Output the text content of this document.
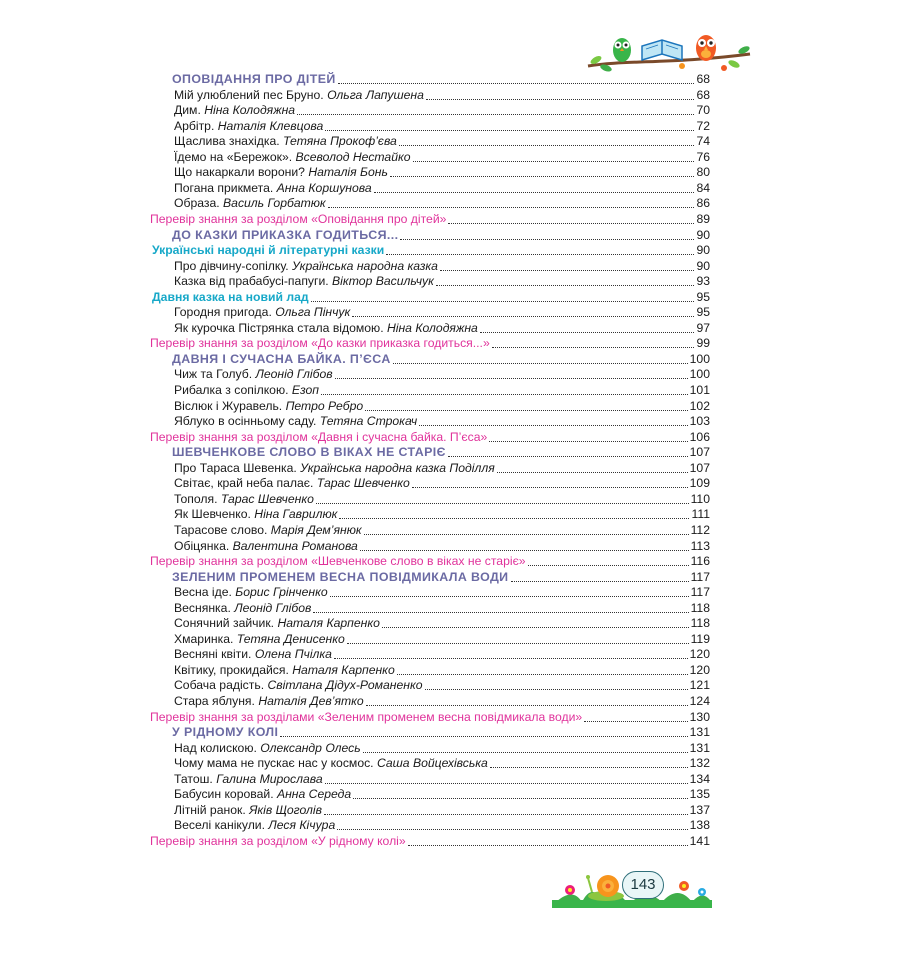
ОПОВІДАННЯ ПРО ДІТЕЙ	68
Мій улюблений пес Бруно. Ольга Лапушена	68
Дим. Ніна Колодяжна	70
Арбітр. Наталія Клевцова	72
Щаслива знахідка. Тетяна Прокоф’єва	74
Їдемо на «Бережок». Всеволод Нестайко	76
Що накаркали ворони? Наталія Бонь	80
Погана прикмета. Анна Коршунова	84
Образа. Василь Горбатюк	86
Перевір знання за розділом «Оповідання про дітей»	89
ДО КАЗКИ ПРИКАЗКА ГОДИТЬСЯ...	90
Українські народні й літературні казки	90
Про дівчину-сопілку. Українська народна казка	90
Казка від прабабусі-папуги. Віктор Васильчук	93
Давня казка на новий лад	95
Городня пригода. Ольга Пінчук	95
Як курочка Пістрянка стала відомою. Ніна Колодяжна	97
Перевір знання за розділом «До казки приказка годиться...»	99
ДАВНЯ І СУЧАСНА БАЙКА. П’ЄСА	100
Чиж та Голуб. Леонід Глібов	100
Рибалка з сопілкою. Езоп	101
Віслюк і Журавель. Петро Ребро	102
Яблуко в осінньому саду. Тетяна Строкач	103
Перевір знання за розділом «Давня і сучасна байка. П’єса»	106
ШЕВЧЕНКОВЕ СЛОВО В ВІКАХ НЕ СТАРІЄ	107
Про Тараса Шевенка. Українська народна казка Поділля	107
Світає, край неба палає. Тарас Шевченко	109
Тополя. Тарас Шевченко	110
Як Шевченко. Ніна Гаврилюк	111
Тарасове слово. Марія Дем’янюк	112
Обіцянка. Валентина Романова	113
Перевір знання за розділом «Шевченкове слово в віках не старіє»	116
ЗЕЛЕНИМ ПРОМЕНЕМ ВЕСНА ПОВІДМИКАЛА ВОДИ	117
Весна іде. Борис Грінченко	117
Веснянка. Леонід Глібов	118
Сонячний зайчик. Наталя Карпенко	118
Хмаринка. Тетяна Денисенко	119
Весняні квіти. Олена Пчілка	120
Квітику, прокидайся. Наталя Карпенко	120
Собача радість. Світлана Дідух-Романенко	121
Стара яблуня. Наталія Дев’ятко	124
Перевір знання за розділами «Зеленим променем весна повідмикала води»	130
У РІДНОМУ КОЛІ	131
Над колискою. Олександр Олесь	131
Чому мама не пускає нас у космос. Саша Войцехівська	132
Татош. Галина Мирослава	134
Бабусин коровай. Анна Середа	135
Літній ранок. Яків Щоголів	137
Веселі канікули. Леся Кічура	138
Перевір знання за розділом «У рідному колі»	141
143
